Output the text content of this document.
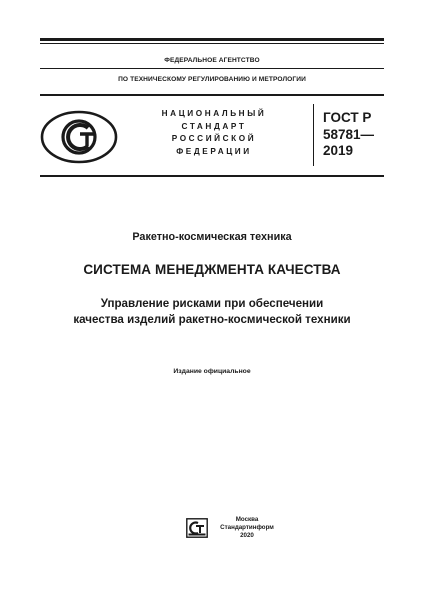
ФЕДЕРАЛЬНОЕ АГЕНТСТВО
ПО ТЕХНИЧЕСКОМУ РЕГУЛИРОВАНИЮ И МЕТРОЛОГИИ
НАЦИОНАЛЬНЫЙ
СТАНДАРТ
РОССИЙСКОЙ
ФЕДЕРАЦИИ
ГОСТ Р
58781—
2019
Ракетно-космическая техника
СИСТЕМА МЕНЕДЖМЕНТА КАЧЕСТВА
Управление рисками при обеспечении
качества изделий ракетно-космической техники
Издание официальное
Москва
Стандартинформ
2020
